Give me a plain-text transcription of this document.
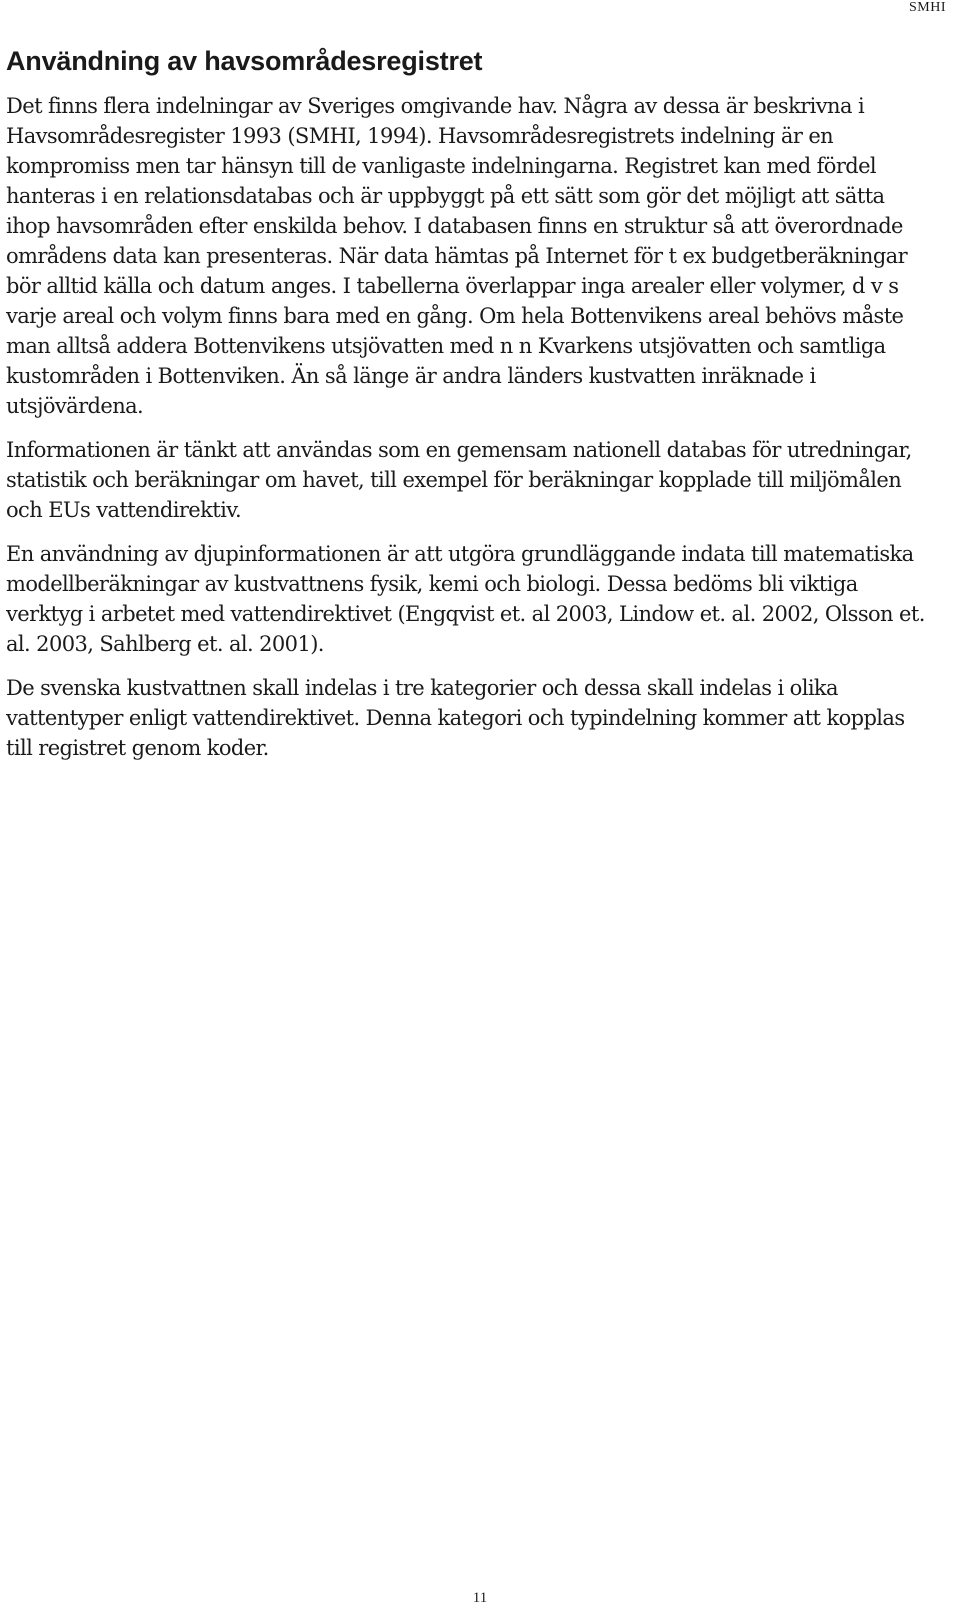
SMHI
Användning av havsområdesregistret

Det finns flera indelningar av Sveriges omgivande hav. Några av dessa är beskrivna i Havsområdesregister 1993 (SMHI, 1994). Havsområdesregistrets indelning är en kompromiss men tar hänsyn till de vanligaste indelningarna. Registret kan med fördel hanteras i en relationsdatabas och är uppbyggt på ett sätt som gör det möjligt att sätta ihop havsområden efter enskilda behov. I databasen finns en struktur så att överordnade områdens data kan presenteras. När data hämtas på Internet för t ex budgetberäkningar bör alltid källa och datum anges. I tabellerna överlappar inga arealer eller volymer, d v s varje areal och volym finns bara med en gång. Om hela Bottenvikens areal behövs måste man alltså addera Bottenvikens utsjövatten med n n Kvarkens utsjövatten och samtliga kustområden i Bottenviken. Än så länge är andra länders kustvatten inräknade i utsjövärdena.

Informationen är tänkt att användas som en gemensam nationell databas för utredningar, statistik och beräkningar om havet, till exempel för beräkningar kopplade till miljömålen och EUs vattendirektiv.

En användning av djupinformationen är att utgöra grundläggande indata till matematiska modellberäkningar av kustvattnens fysik, kemi och biologi. Dessa bedöms bli viktiga verktyg i arbetet med vattendirektivet (Engqvist et. al 2003, Lindow et. al. 2002, Olsson et. al. 2003, Sahlberg et. al. 2001).

De svenska kustvattnen skall indelas i tre kategorier och dessa skall indelas i olika vattentyper enligt vattendirektivet. Denna kategori och typindelning kommer att kopplas till registret genom koder.

11
